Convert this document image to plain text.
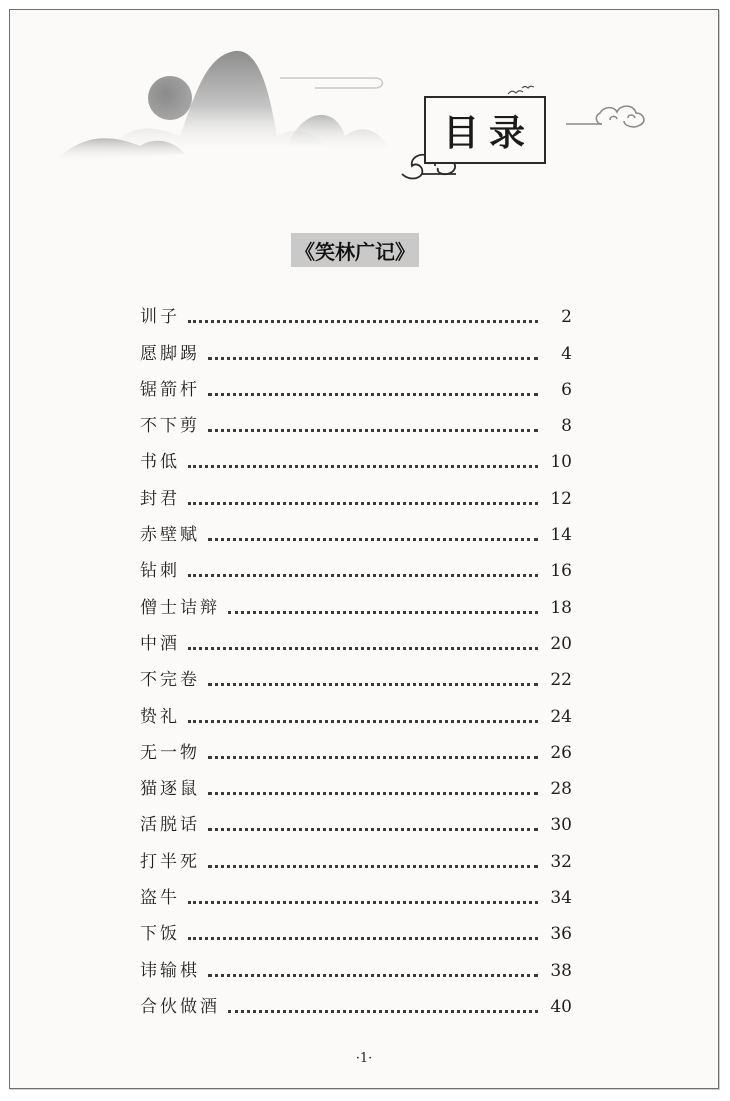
目录
《笑林广记》
训子	2
愿脚踢	4
锯箭杆	6
不下剪	8
书低	10
封君	12
赤壁赋	14
钻刺	16
僧士诘辩	18
中酒	20
不完卷	22
贽礼	24
无一物	26
猫逐鼠	28
活脱话	30
打半死	32
盗牛	34
下饭	36
讳输棋	38
合伙做酒	40
·1·
